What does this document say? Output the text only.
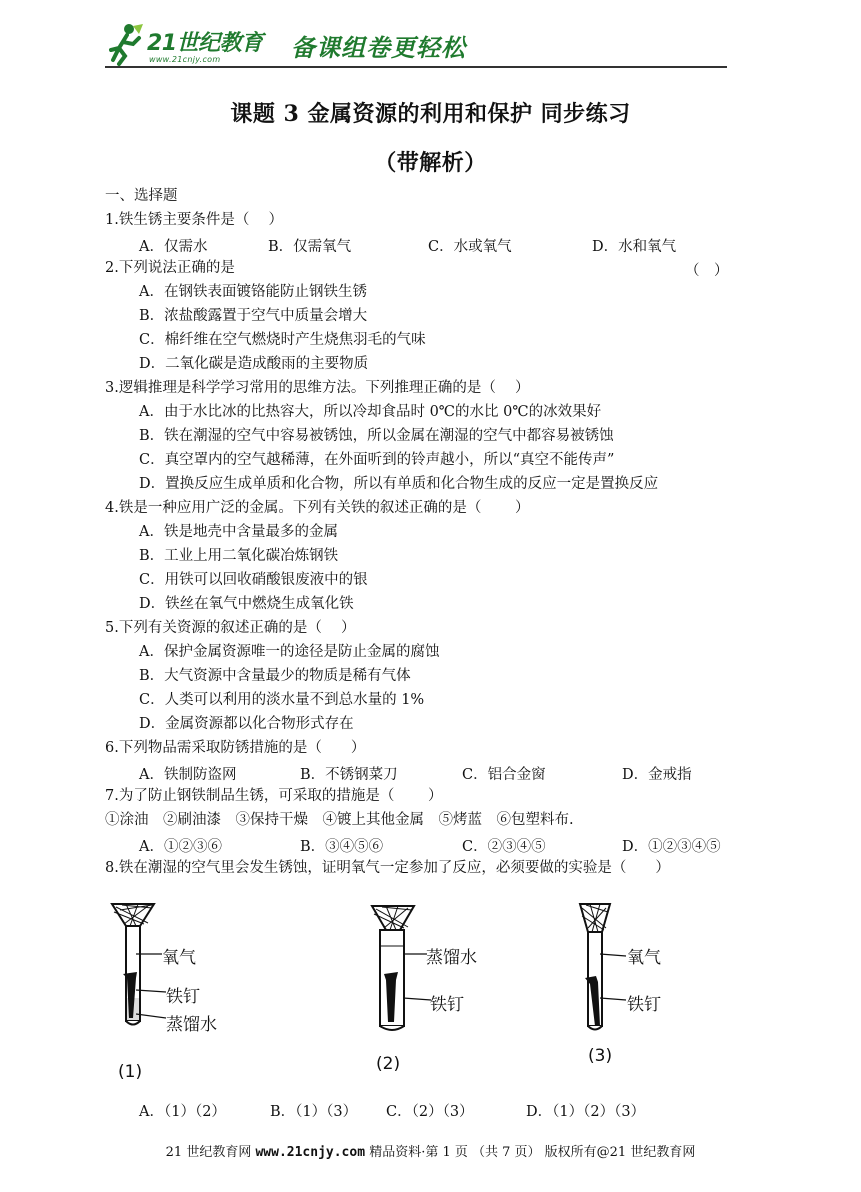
21世纪教育
www.21cnjy.com	备课组卷更轻松
课题 3 金属资源的利用和保护 同步练习
（带解析）
一、选择题
1.铁生锈主要条件是（　 ）
A．仅需水	B．仅需氧气	C．水或氧气	D．水和氧气
2.下列说法正确的是	（　）
A．在钢铁表面镀铬能防止钢铁生锈
B．浓盐酸露置于空气中质量会增大
C．棉纤维在空气燃烧时产生烧焦羽毛的气味
D．二氧化碳是造成酸雨的主要物质
3.逻辑推理是科学学习常用的思维方法。下列推理正确的是（　 ）
A．由于水比冰的比热容大，所以冷却食品时 0℃的水比 0℃的冰效果好
B．铁在潮湿的空气中容易被锈蚀，所以金属在潮湿的空气中都容易被锈蚀
C．真空罩内的空气越稀薄，在外面听到的铃声越小，所以“真空不能传声”
D．置换反应生成单质和化合物，所以有单质和化合物生成的反应一定是置换反应
4.铁是一种应用广泛的金属。下列有关铁的叙述正确的是（　　 ）
A．铁是地壳中含量最多的金属
B．工业上用二氧化碳冶炼钢铁
C．用铁可以回收硝酸银废液中的银
D．铁丝在氧气中燃烧生成氧化铁
5.下列有关资源的叙述正确的是（　 ）
A．保护金属资源唯一的途径是防止金属的腐蚀
B．大气资源中含量最少的物质是稀有气体
C．人类可以利用的淡水量不到总水量的 1%
D．金属资源都以化合物形式存在
6.下列物品需采取防锈措施的是（　　）
A．铁制防盗网	B．不锈钢菜刀	C．铝合金窗	D．金戒指
7.为了防止钢铁制品生锈，可采取的措施是（　　 ）
①涂油　②刷油漆　③保持干燥　④镀上其他金属　⑤烤蓝　⑥包塑料布.
A．①②③⑥	B．③④⑤⑥	C．②③④⑤	D．①②③④⑤
8.铁在潮湿的空气里会发生锈蚀，证明氧气一定参加了反应，必须要做的实验是（　　）
氧气
铁钉
蒸馏水
(1)
蒸馏水
铁钉
(2)
氧气
铁钉
(3)
A．（1）（2）	B．（1）（3） C．（2）（3）	D．（1）（2）（3）
21 世纪教育网 www.21cnjy.com 精品资料·第 1 页 （共 7 页） 版权所有@21 世纪教育网
